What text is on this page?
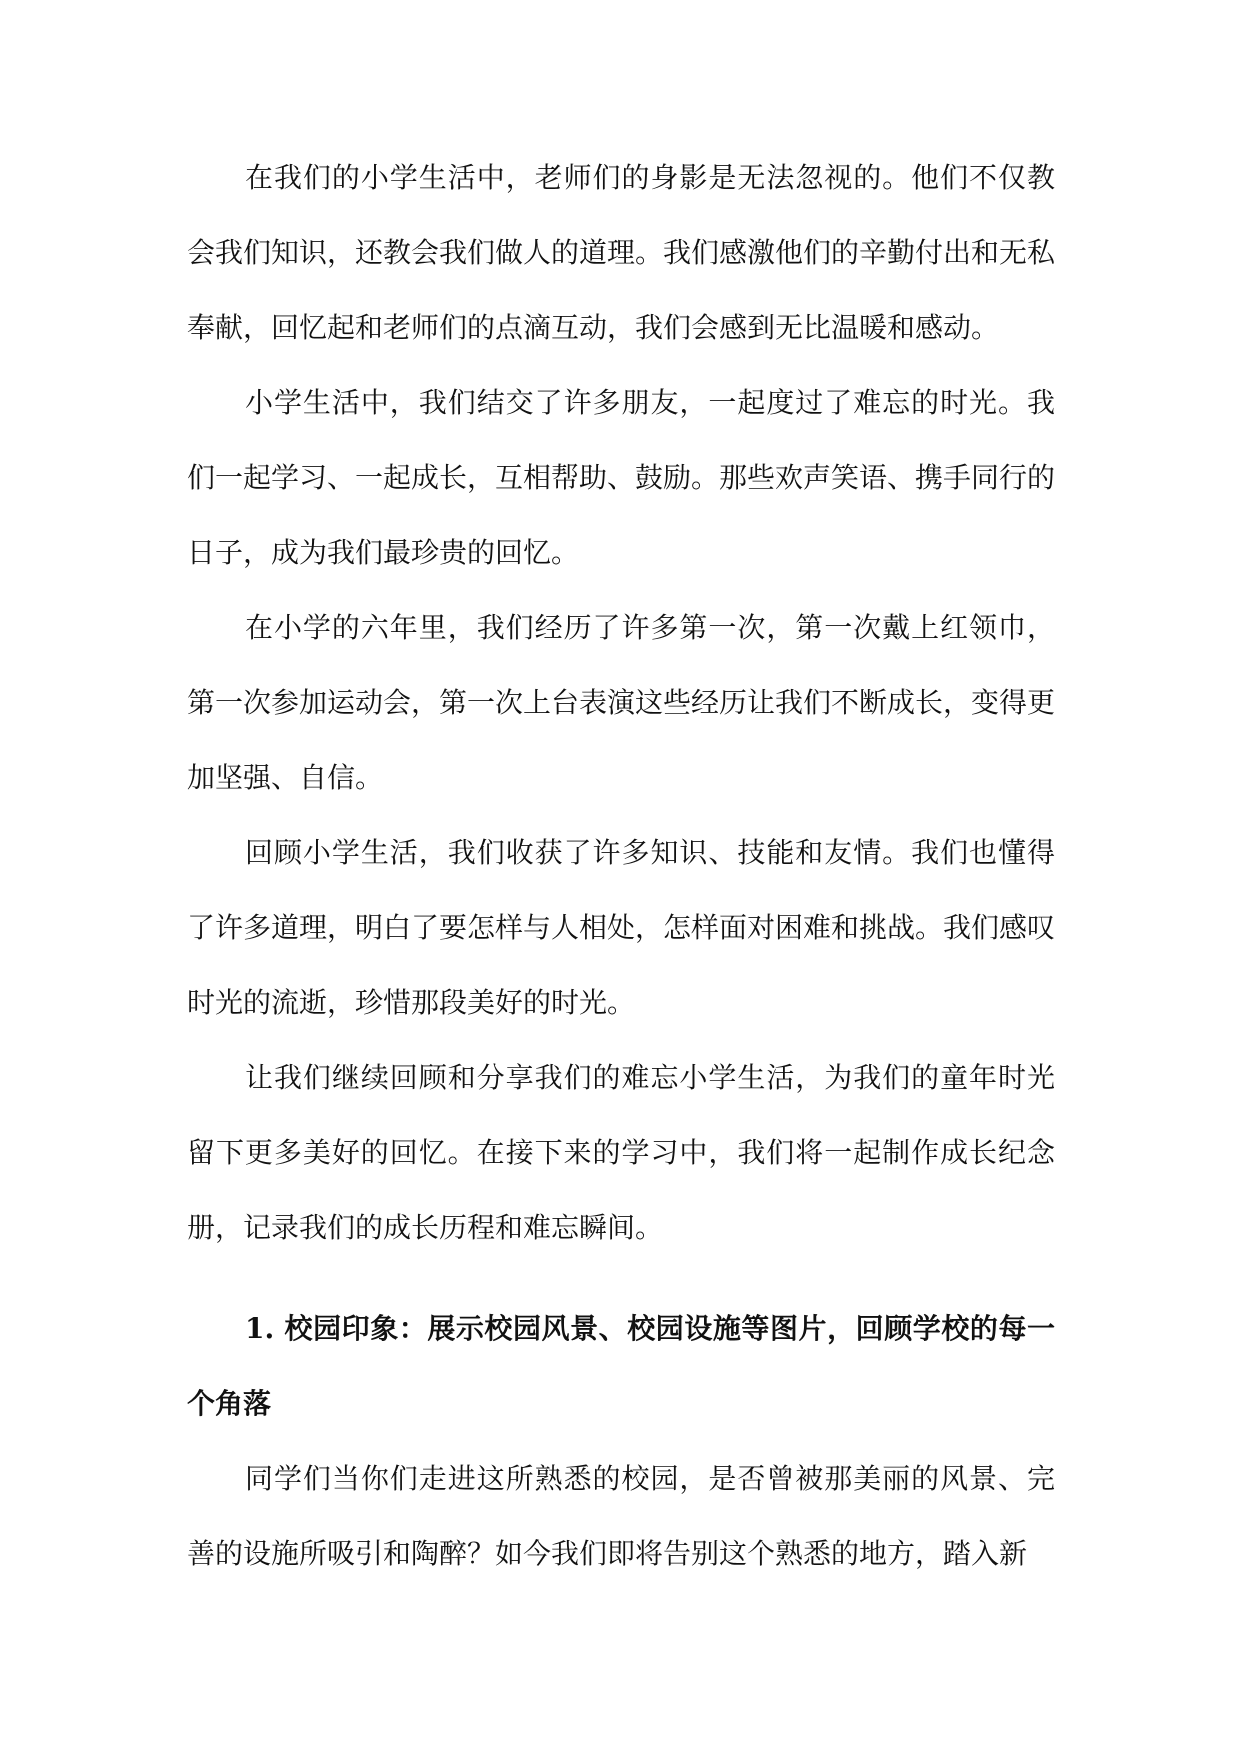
在我们的小学生活中，老师们的身影是无法忽视的。他们不仅教会我们知识，还教会我们做人的道理。我们感激他们的辛勤付出和无私奉献，回忆起和老师们的点滴互动，我们会感到无比温暖和感动。

小学生活中，我们结交了许多朋友，一起度过了难忘的时光。我们一起学习、一起成长，互相帮助、鼓励。那些欢声笑语、携手同行的日子，成为我们最珍贵的回忆。

在小学的六年里，我们经历了许多第一次，第一次戴上红领巾，第一次参加运动会，第一次上台表演这些经历让我们不断成长，变得更加坚强、自信。

回顾小学生活，我们收获了许多知识、技能和友情。我们也懂得了许多道理，明白了要怎样与人相处，怎样面对困难和挑战。我们感叹时光的流逝，珍惜那段美好的时光。

让我们继续回顾和分享我们的难忘小学生活，为我们的童年时光留下更多美好的回忆。在接下来的学习中，我们将一起制作成长纪念册，记录我们的成长历程和难忘瞬间。

1. 校园印象：展示校园风景、校园设施等图片，回顾学校的每一个角落

同学们当你们走进这所熟悉的校园，是否曾被那美丽的风景、完善的设施所吸引和陶醉？如今我们即将告别这个熟悉的地方，踏入新
